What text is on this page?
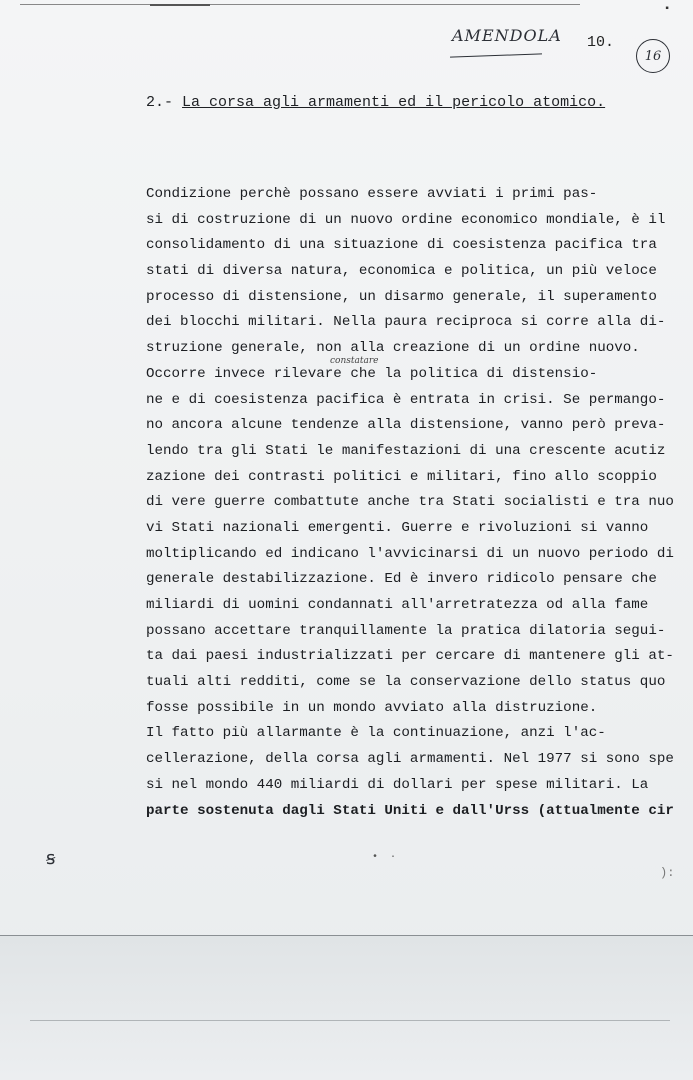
AMENDOLA 10.
16
▪
2.- La corsa agli armamenti ed il pericolo atomico.
constatare
Condizione perchè possano essere avviati i primi pas-
si di costruzione di un nuovo ordine economico mondiale, è il
consolidamento di una situazione di coesistenza pacifica tra
stati di diversa natura, economica e politica, un più veloce
processo di distensione, un disarmo generale, il superamento
dei blocchi militari. Nella paura reciproca si corre alla di-
struzione generale, non alla creazione di un ordine nuovo.
Occorre invece rilevare che la politica di distensio-
ne e di coesistenza pacifica è entrata in crisi. Se permango-
no ancora alcune tendenze alla distensione, vanno però preva-
lendo tra gli Stati le manifestazioni di una crescente acutiz
zazione dei contrasti politici e militari, fino allo scoppio
di vere guerre combattute anche tra Stati socialisti e tra nuo
vi Stati nazionali emergenti. Guerre e rivoluzioni si vanno
moltiplicando ed indicano l'avvicinarsi di un nuovo periodo di
generale destabilizzazione. Ed è invero ridicolo pensare che
miliardi di uomini condannati all'arretratezza od alla fame
possano accettare tranquillamente la pratica dilatoria segui-
ta dai paesi industrializzati per cercare di mantenere gli at-
tuali alti redditi, come se la conservazione dello status quo
fosse possibile in un mondo avviato alla distruzione.
Il fatto più allarmante è la continuazione, anzi l'ac-
cellerazione, della corsa agli armamenti. Nel 1977 si sono spe
si nel mondo 440 miliardi di dollari per spese militari. La
parte sostenuta dagli Stati Uniti e dall'Urss (attualmente cir
ꞩ	• ·
):
